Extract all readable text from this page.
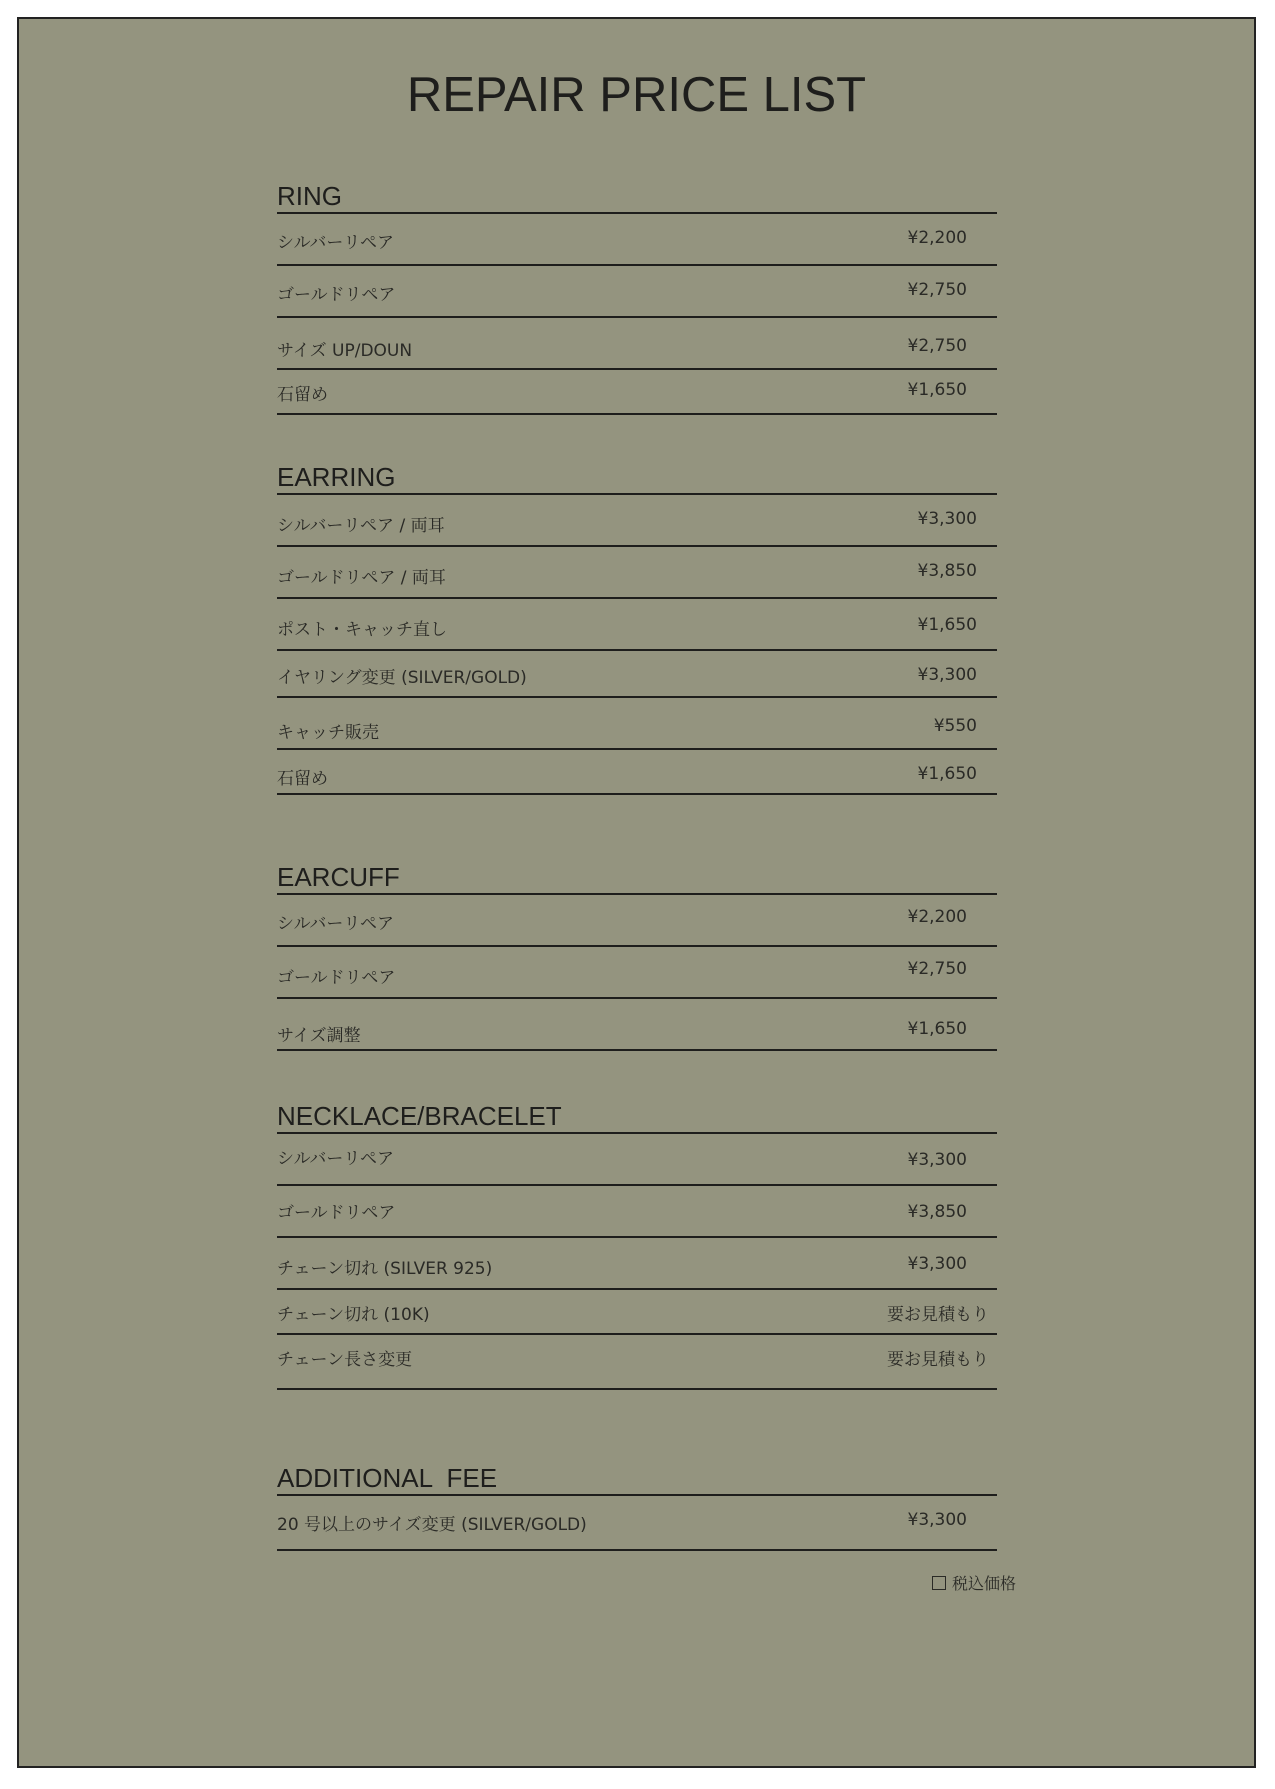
REPAIR PRICE LIST
RING
シルバーリペア	¥2,200
ゴールドリペア	¥2,750
サイズ UP/DOUN	¥2,750
石留め	¥1,650
EARRING
シルバーリペア / 両耳	¥3,300
ゴールドリペア / 両耳	¥3,850
ポスト・キャッチ直し	¥1,650
イヤリング変更 (SILVER/GOLD)	¥3,300
キャッチ販売	¥550
石留め	¥1,650
EARCUFF
シルバーリペア	¥2,200
ゴールドリペア	¥2,750
サイズ調整	¥1,650
NECKLACE/BRACELET
シルバーリペア	¥3,300
ゴールドリペア	¥3,850
チェーン切れ (SILVER 925)	¥3,300
チェーン切れ (10K)	要お見積もり
チェーン長さ変更	要お見積もり
ADDITIONAL  FEE
20 号以上のサイズ変更 (SILVER/GOLD)	¥3,300
税込価格
